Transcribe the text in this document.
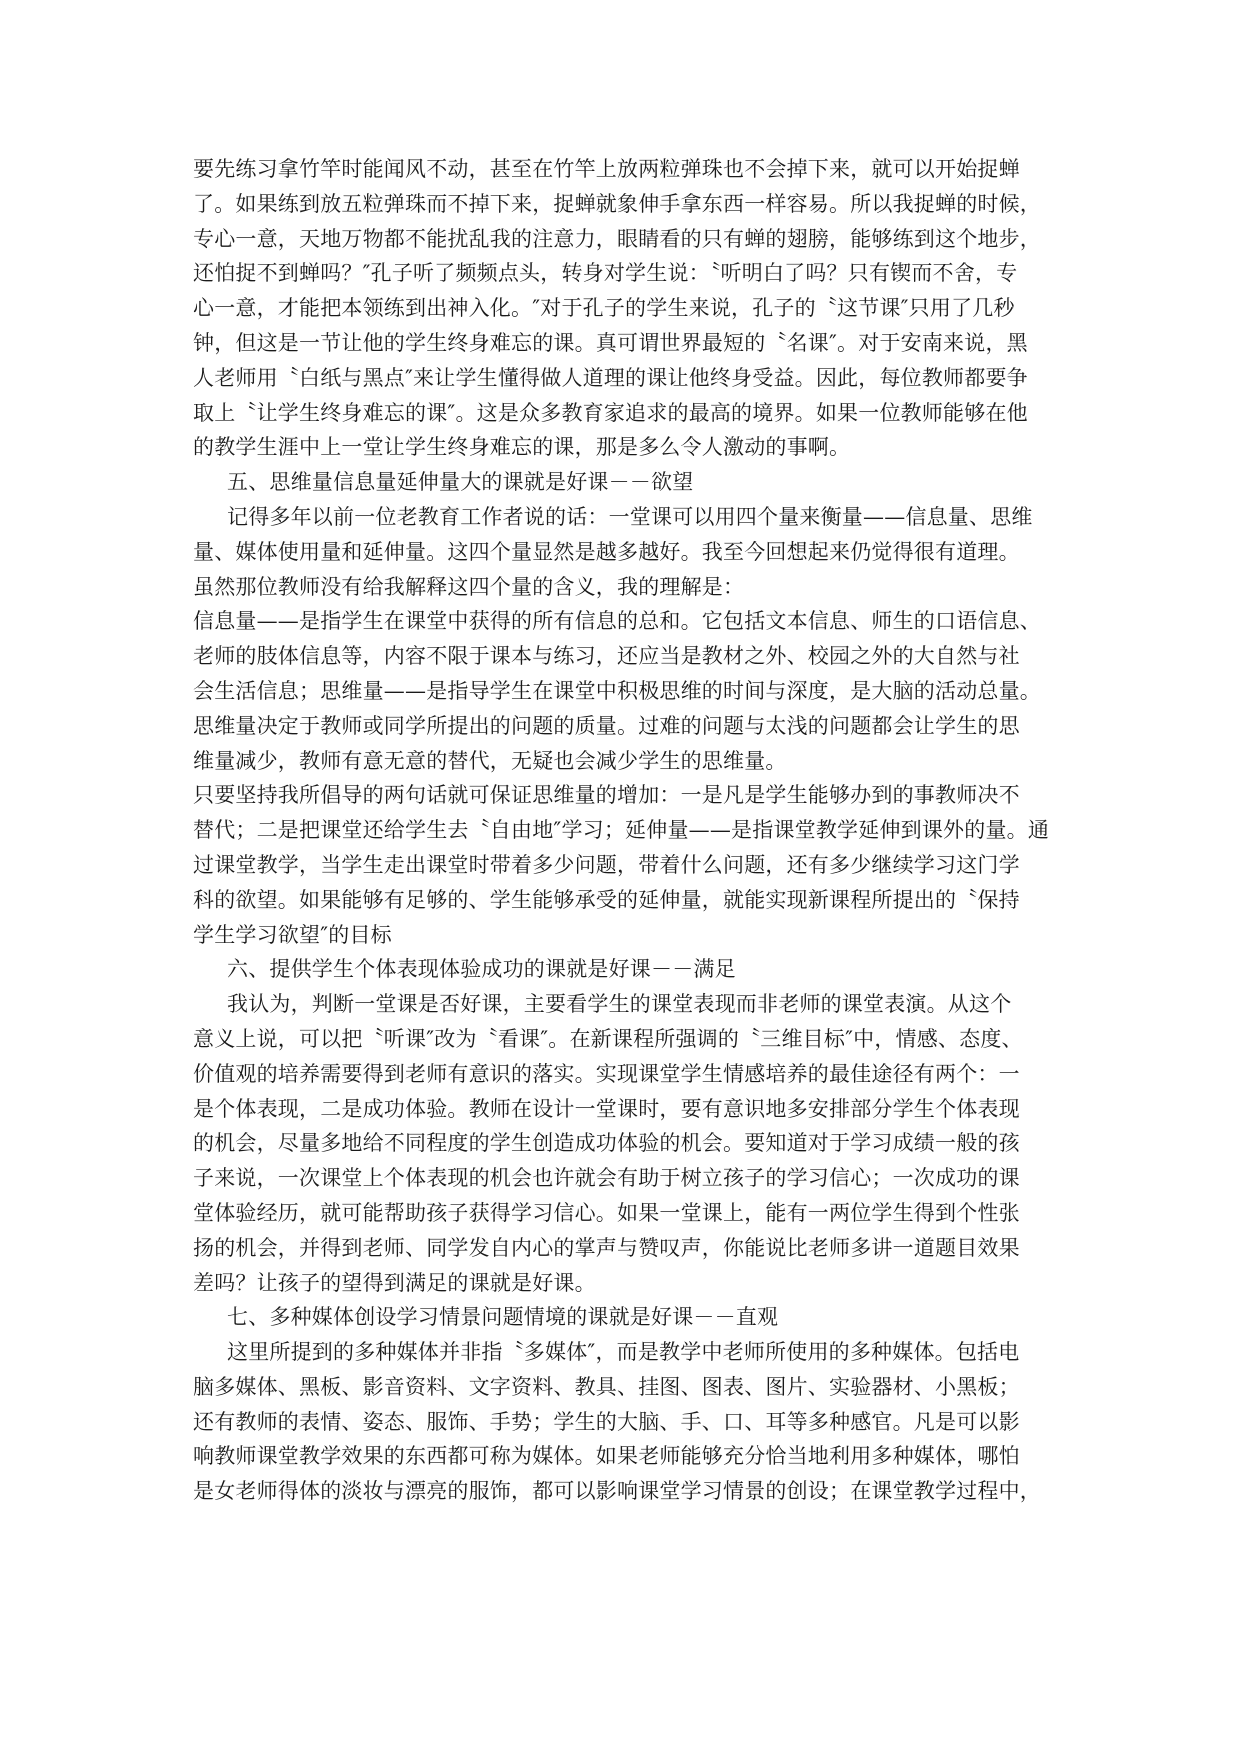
要先练习拿竹竿时能闻风不动，甚至在竹竿上放两粒弹珠也不会掉下来，就可以开始捉蝉
了。如果练到放五粒弹珠而不掉下来，捉蝉就象伸手拿东西一样容易。所以我捉蝉的时候，
专心一意，天地万物都不能扰乱我的注意力，眼睛看的只有蝉的翅膀，能够练到这个地步，
还怕捉不到蝉吗？″孔子听了频频点头，转身对学生说：〝听明白了吗？只有锲而不舍，专
心一意，才能把本领练到出神入化。″对于孔子的学生来说，孔子的〝这节课″只用了几秒
钟，但这是一节让他的学生终身难忘的课。真可谓世界最短的〝名课″。对于安南来说，黑
人老师用〝白纸与黑点″来让学生懂得做人道理的课让他终身受益。因此，每位教师都要争
取上〝让学生终身难忘的课″。这是众多教育家追求的最高的境界。如果一位教师能够在他
的教学生涯中上一堂让学生终身难忘的课，那是多么令人激动的事啊。
五、思维量信息量延伸量大的课就是好课－－欲望
记得多年以前一位老教育工作者说的话：一堂课可以用四个量来衡量——信息量、思维
量、媒体使用量和延伸量。这四个量显然是越多越好。我至今回想起来仍觉得很有道理。
虽然那位教师没有给我解释这四个量的含义，我的理解是：
信息量——是指学生在课堂中获得的所有信息的总和。它包括文本信息、师生的口语信息、
老师的肢体信息等，内容不限于课本与练习，还应当是教材之外、校园之外的大自然与社
会生活信息；思维量——是指导学生在课堂中积极思维的时间与深度，是大脑的活动总量。
思维量决定于教师或同学所提出的问题的质量。过难的问题与太浅的问题都会让学生的思
维量减少，教师有意无意的替代，无疑也会减少学生的思维量。
只要坚持我所倡导的两句话就可保证思维量的增加：一是凡是学生能够办到的事教师决不
替代；二是把课堂还给学生去〝自由地″学习；延伸量——是指课堂教学延伸到课外的量。通
过课堂教学，当学生走出课堂时带着多少问题，带着什么问题，还有多少继续学习这门学
科的欲望。如果能够有足够的、学生能够承受的延伸量，就能实现新课程所提出的〝保持
学生学习欲望″的目标
六、提供学生个体表现体验成功的课就是好课－－满足
我认为，判断一堂课是否好课，主要看学生的课堂表现而非老师的课堂表演。从这个
意义上说，可以把〝听课″改为〝看课″。在新课程所强调的〝三维目标″中，情感、态度、
价值观的培养需要得到老师有意识的落实。实现课堂学生情感培养的最佳途径有两个：一
是个体表现，二是成功体验。教师在设计一堂课时，要有意识地多安排部分学生个体表现
的机会，尽量多地给不同程度的学生创造成功体验的机会。要知道对于学习成绩一般的孩
子来说，一次课堂上个体表现的机会也许就会有助于树立孩子的学习信心；一次成功的课
堂体验经历，就可能帮助孩子获得学习信心。如果一堂课上，能有一两位学生得到个性张
扬的机会，并得到老师、同学发自内心的掌声与赞叹声，你能说比老师多讲一道题目效果
差吗？让孩子的望得到满足的课就是好课。
七、多种媒体创设学习情景问题情境的课就是好课－－直观
这里所提到的多种媒体并非指〝多媒体″，而是教学中老师所使用的多种媒体。包括电
脑多媒体、黑板、影音资料、文字资料、教具、挂图、图表、图片、实验器材、小黑板；
还有教师的表情、姿态、服饰、手势；学生的大脑、手、口、耳等多种感官。凡是可以影
响教师课堂教学效果的东西都可称为媒体。如果老师能够充分恰当地利用多种媒体，哪怕
是女老师得体的淡妆与漂亮的服饰，都可以影响课堂学习情景的创设；在课堂教学过程中，
